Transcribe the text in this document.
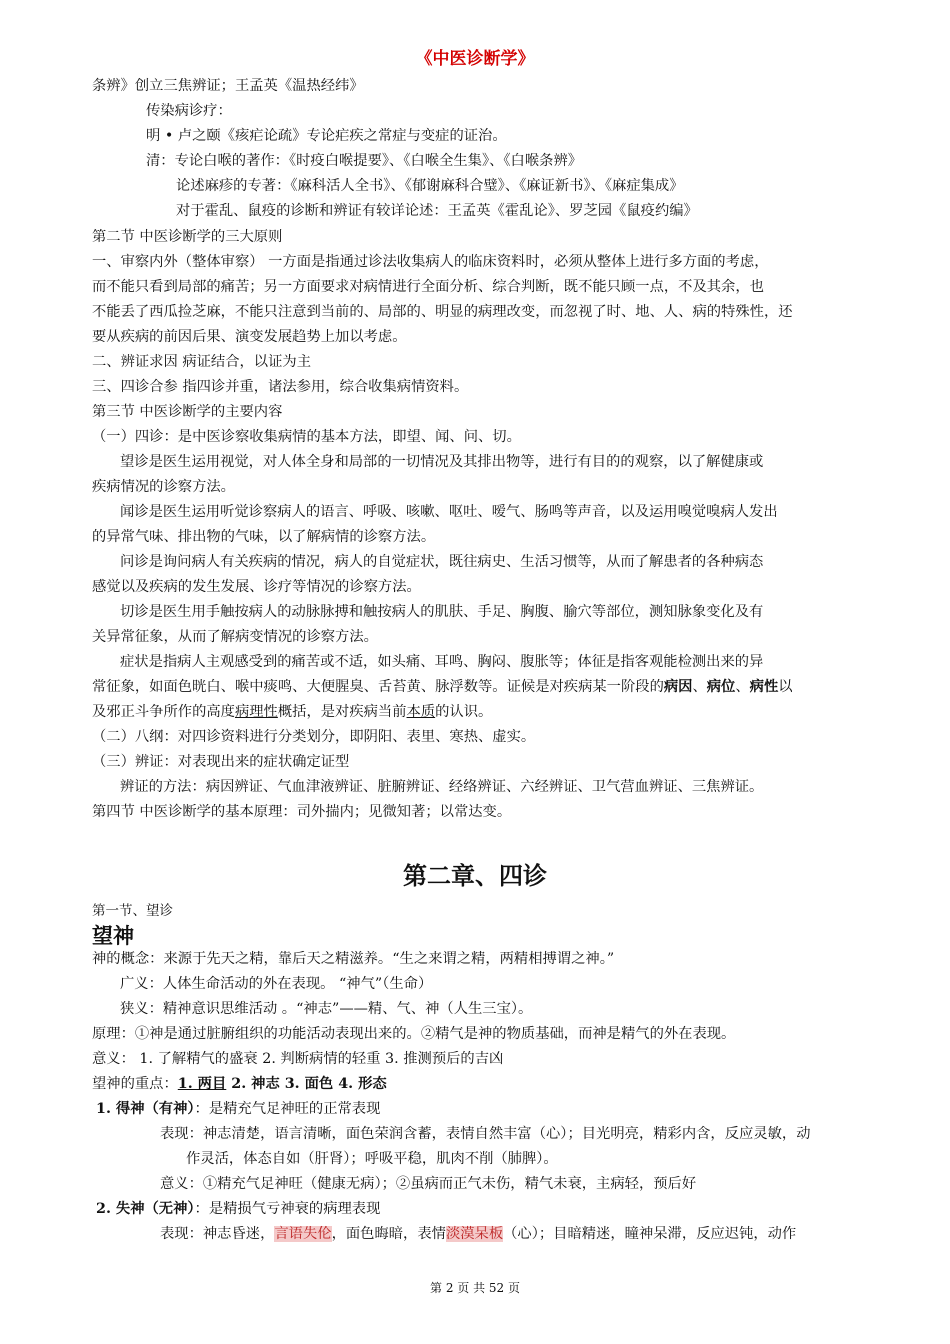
《中医诊断学》
条辨》创立三焦辨证；王孟英《温热经纬》
传染病诊疗：
明 • 卢之颐《痎疟论疏》专论疟疾之常症与变症的证治。
清：专论白喉的著作：《时疫白喉提要》、《白喉全生集》、《白喉条辨》
论述麻疹的专著：《麻科活人全书》、《郁谢麻科合璧》、《麻证新书》、《麻症集成》
对于霍乱、鼠疫的诊断和辨证有较详论述：王孟英《霍乱论》、罗芝园《鼠疫约编》
第二节 中医诊断学的三大原则
一、审察内外（整体审察） 一方面是指通过诊法收集病人的临床资料时，必须从整体上进行多方面的考虑，
而不能只看到局部的痛苦；另一方面要求对病情进行全面分析、综合判断，既不能只顾一点，不及其余，也
不能丢了西瓜捡芝麻，不能只注意到当前的、局部的、明显的病理改变，而忽视了时、地、人、病的特殊性，还
要从疾病的前因后果、演变发展趋势上加以考虑。
二、辨证求因 病证结合，以证为主
三、四诊合参 指四诊并重，诸法参用，综合收集病情资料。
第三节 中医诊断学的主要内容
（一）四诊：是中医诊察收集病情的基本方法，即望、闻、问、切。
望诊是医生运用视觉，对人体全身和局部的一切情况及其排出物等，进行有目的的观察，以了解健康或
疾病情况的诊察方法。
闻诊是医生运用听觉诊察病人的语言、呼吸、咳嗽、呕吐、嗳气、肠鸣等声音，以及运用嗅觉嗅病人发出
的异常气味、排出物的气味，以了解病情的诊察方法。
问诊是询问病人有关疾病的情况，病人的自觉症状，既往病史、生活习惯等，从而了解患者的各种病态
感觉以及疾病的发生发展、诊疗等情况的诊察方法。
切诊是医生用手触按病人的动脉脉搏和触按病人的肌肤、手足、胸腹、腧穴等部位，测知脉象变化及有
关异常征象，从而了解病变情况的诊察方法。
症状是指病人主观感受到的痛苦或不适，如头痛、耳鸣、胸闷、腹胀等；体征是指客观能检测出来的异
常征象，如面色晄白、喉中痰鸣、大便腥臭、舌苔黄、脉浮数等。证候是对疾病某一阶段的病因、病位、病性以
及邪正斗争所作的高度病理性概括，是对疾病当前本质的认识。
（二）八纲：对四诊资料进行分类划分，即阴阳、表里、寒热、虚实。
（三）辨证：对表现出来的症状确定证型
辨证的方法：病因辨证、气血津液辨证、脏腑辨证、经络辨证、六经辨证、卫气营血辨证、三焦辨证。
第四节 中医诊断学的基本原理：司外揣内；见微知著；以常达变。
第二章、四诊
第一节、望诊
望神
神的概念：来源于先天之精，靠后天之精滋养。“生之来谓之精，两精相搏谓之神。”
广义：人体生命活动的外在表现。 “神气”（生命）
狭义：精神意识思维活动 。“神志”——精、气、神（人生三宝）。
原理：①神是通过脏腑组织的功能活动表现出来的。②精气是神的物质基础，而神是精气的外在表现。
意义： 1. 了解精气的盛衰 2. 判断病情的轻重 3. 推测预后的吉凶
望神的重点：1. 两目 2. 神志 3. 面色 4. 形态
1. 得神（有神）：是精充气足神旺的正常表现
表现：神志清楚，语言清晰，面色荣润含蓄，表情自然丰富（心）；目光明亮，精彩内含，反应灵敏，动
作灵活，体态自如（肝肾）；呼吸平稳，肌肉不削（肺脾）。
意义：①精充气足神旺（健康无病）；②虽病而正气未伤，精气未衰，主病轻，预后好
2. 失神（无神）：是精损气亏神衰的病理表现
表现：神志昏迷，言语失伦，面色晦暗，表情淡漠呆板（心）；目暗精迷，瞳神呆滞，反应迟钝，动作
第 2 页 共 52 页
